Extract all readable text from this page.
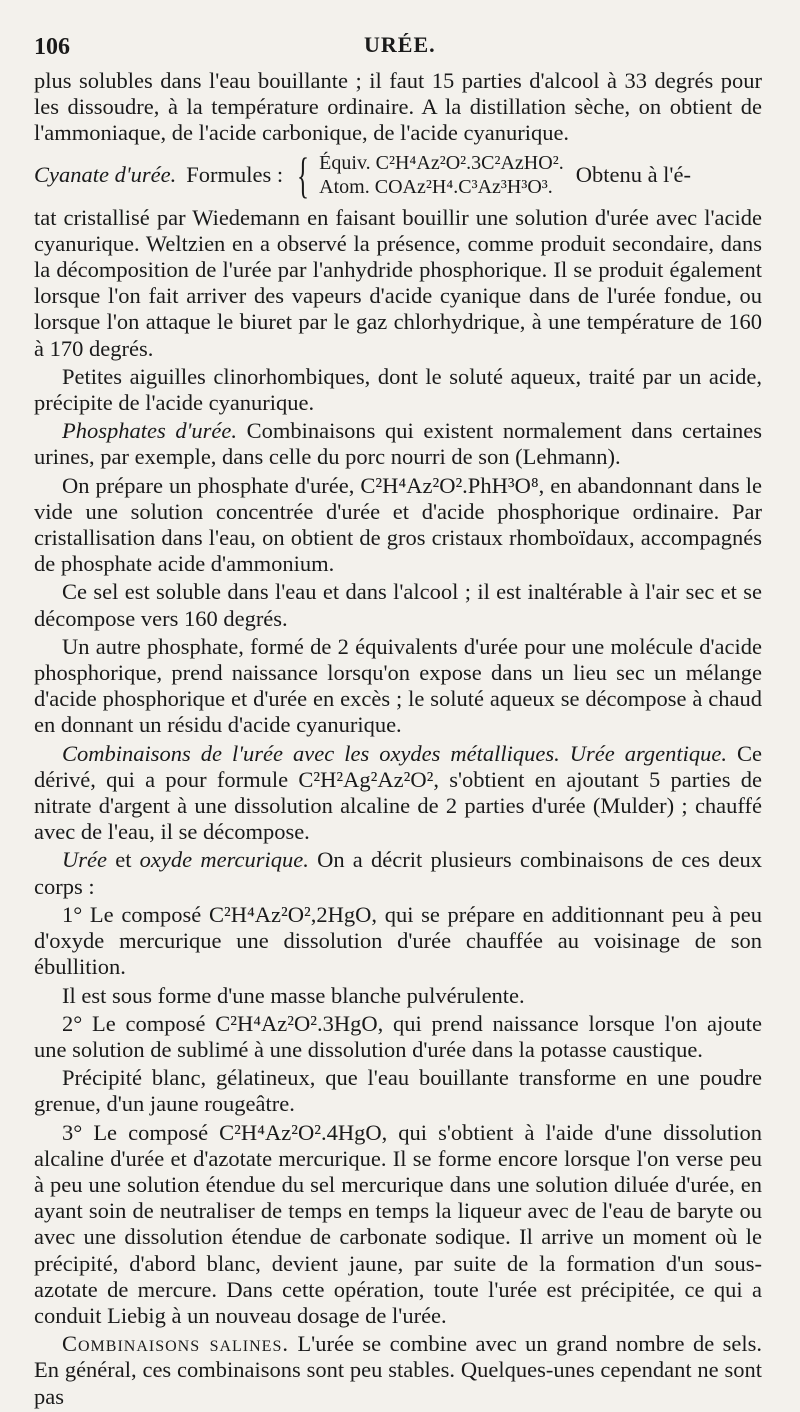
106	URÉE.

plus solubles dans l'eau bouillante ; il faut 15 parties d'alcool à 33 degrés pour les dissoudre, à la température ordinaire. A la distillation sèche, on obtient de l'ammoniaque, de l'acide carbonique, de l'acide cyanurique.

Cyanate d'urée. Formules : { Équiv. C²H⁴Az²O².3C²AzHO².
Atom. COAz²H⁴.C³Az³H³O³.
Obtenu à l'é-

tat cristallisé par Wiedemann en faisant bouillir une solution d'urée avec l'acide cyanurique. Weltzien en a observé la présence, comme produit secondaire, dans la décomposition de l'urée par l'anhydride phosphorique. Il se produit également lorsque l'on fait arriver des vapeurs d'acide cyanique dans de l'urée fondue, ou lorsque l'on attaque le biuret par le gaz chlorhydrique, à une température de 160 à 170 degrés.

Petites aiguilles clinorhombiques, dont le soluté aqueux, traité par un acide, précipite de l'acide cyanurique.

Phosphates d'urée. Combinaisons qui existent normalement dans certaines urines, par exemple, dans celle du porc nourri de son (Lehmann).

On prépare un phosphate d'urée, C²H⁴Az²O².PhH³O⁸, en abandonnant dans le vide une solution concentrée d'urée et d'acide phosphorique ordinaire. Par cristallisation dans l'eau, on obtient de gros cristaux rhomboïdaux, accompagnés de phosphate acide d'ammonium.

Ce sel est soluble dans l'eau et dans l'alcool ; il est inaltérable à l'air sec et se décompose vers 160 degrés.

Un autre phosphate, formé de 2 équivalents d'urée pour une molécule d'acide phosphorique, prend naissance lorsqu'on expose dans un lieu sec un mélange d'acide phosphorique et d'urée en excès ; le soluté aqueux se décompose à chaud en donnant un résidu d'acide cyanurique.

Combinaisons de l'urée avec les oxydes métalliques. Urée argentique. Ce dérivé, qui a pour formule C²H²Ag²Az²O², s'obtient en ajoutant 5 parties de nitrate d'argent à une dissolution alcaline de 2 parties d'urée (Mulder) ; chauffé avec de l'eau, il se décompose.

Urée et oxyde mercurique. On a décrit plusieurs combinaisons de ces deux corps :

1° Le composé C²H⁴Az²O²,2HgO, qui se prépare en additionnant peu à peu d'oxyde mercurique une dissolution d'urée chauffée au voisinage de son ébullition.

Il est sous forme d'une masse blanche pulvérulente.

2° Le composé C²H⁴Az²O².3HgO, qui prend naissance lorsque l'on ajoute une solution de sublimé à une dissolution d'urée dans la potasse caustique.

Précipité blanc, gélatineux, que l'eau bouillante transforme en une poudre grenue, d'un jaune rougeâtre.

3° Le composé C²H⁴Az²O².4HgO, qui s'obtient à l'aide d'une dissolution alcaline d'urée et d'azotate mercurique. Il se forme encore lorsque l'on verse peu à peu une solution étendue du sel mercurique dans une solution diluée d'urée, en ayant soin de neutraliser de temps en temps la liqueur avec de l'eau de baryte ou avec une dissolution étendue de carbonate sodique. Il arrive un moment où le précipité, d'abord blanc, devient jaune, par suite de la formation d'un sous-azotate de mercure. Dans cette opération, toute l'urée est précipitée, ce qui a conduit Liebig à un nouveau dosage de l'urée.

Combinaisons salines. L'urée se combine avec un grand nombre de sels. En général, ces combinaisons sont peu stables. Quelques-unes cependant ne sont pas
